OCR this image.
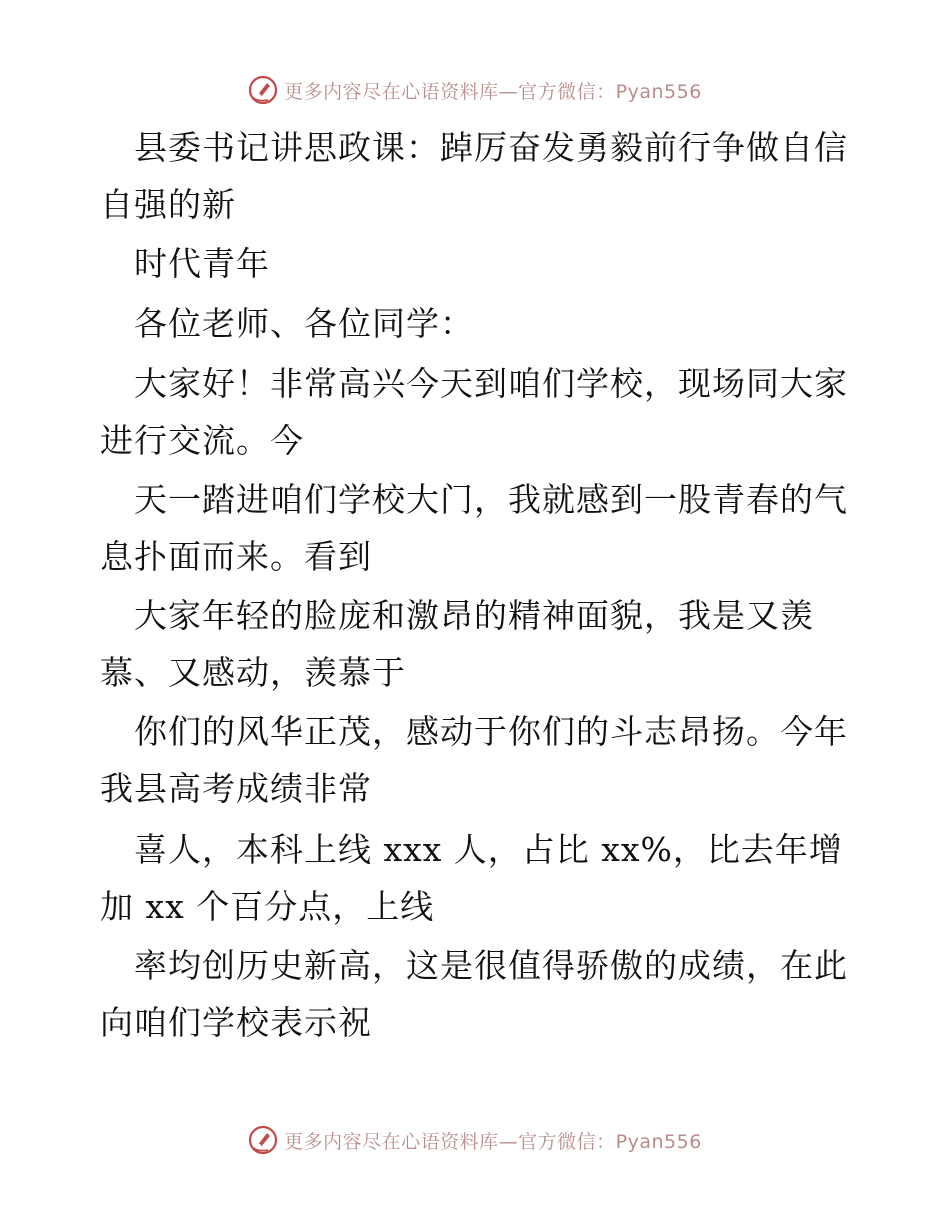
更多内容尽在心语资料库—官方微信：Pyan556
县委书记讲思政课：踔厉奋发勇毅前行争做自信
自强的新
时代青年
各位老师、各位同学：
大家好！非常高兴今天到咱们学校，现场同大家
进行交流。今
天一踏进咱们学校大门，我就感到一股青春的气
息扑面而来。看到
大家年轻的脸庞和激昂的精神面貌，我是又羡
慕、又感动，羡慕于
你们的风华正茂，感动于你们的斗志昂扬。今年
我县高考成绩非常
喜人，本科上线 xxx 人，占比 xx%，比去年增
加 xx 个百分点，上线
率均创历史新高，这是很值得骄傲的成绩，在此
向咱们学校表示祝
更多内容尽在心语资料库—官方微信：Pyan556
